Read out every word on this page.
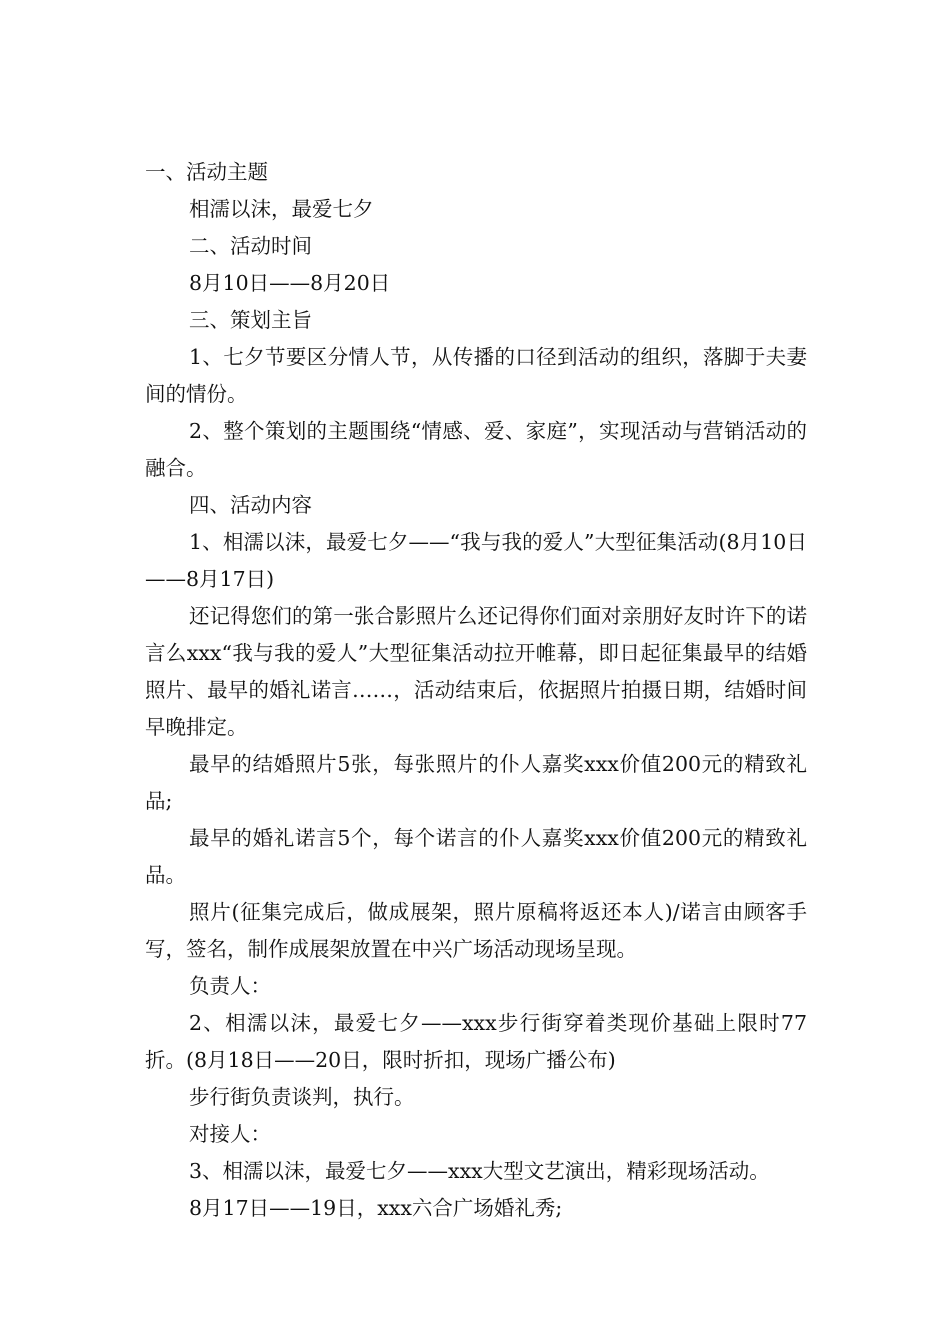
一、活动主题

相濡以沫，最爱七夕

二、活动时间

8月10日——8月20日

三、策划主旨

1、七夕节要区分情人节，从传播的口径到活动的组织，落脚于夫妻间的情份。

2、整个策划的主题围绕“情感、爱、家庭”，实现活动与营销活动的融合。

四、活动内容

1、相濡以沫，最爱七夕——“我与我的爱人”大型征集活动(8月10日——8月17日)

还记得您们的第一张合影照片么还记得你们面对亲朋好友时许下的诺言么xxx“我与我的爱人”大型征集活动拉开帷幕，即日起征集最早的结婚照片、最早的婚礼诺言……，活动结束后，依据照片拍摄日期，结婚时间早晚排定。

最早的结婚照片5张，每张照片的仆人嘉奖xxx价值200元的精致礼品;

最早的婚礼诺言5个，每个诺言的仆人嘉奖xxx价值200元的精致礼品。

照片(征集完成后，做成展架，照片原稿将返还本人)/诺言由顾客手写，签名，制作成展架放置在中兴广场活动现场呈现。

负责人：

2、相濡以沫，最爱七夕——xxx步行街穿着类现价基础上限时77折。(8月18日——20日，限时折扣，现场广播公布)

步行街负责谈判，执行。

对接人：

3、相濡以沫，最爱七夕——xxx大型文艺演出，精彩现场活动。

8月17日——19日，xxx六合广场婚礼秀;
